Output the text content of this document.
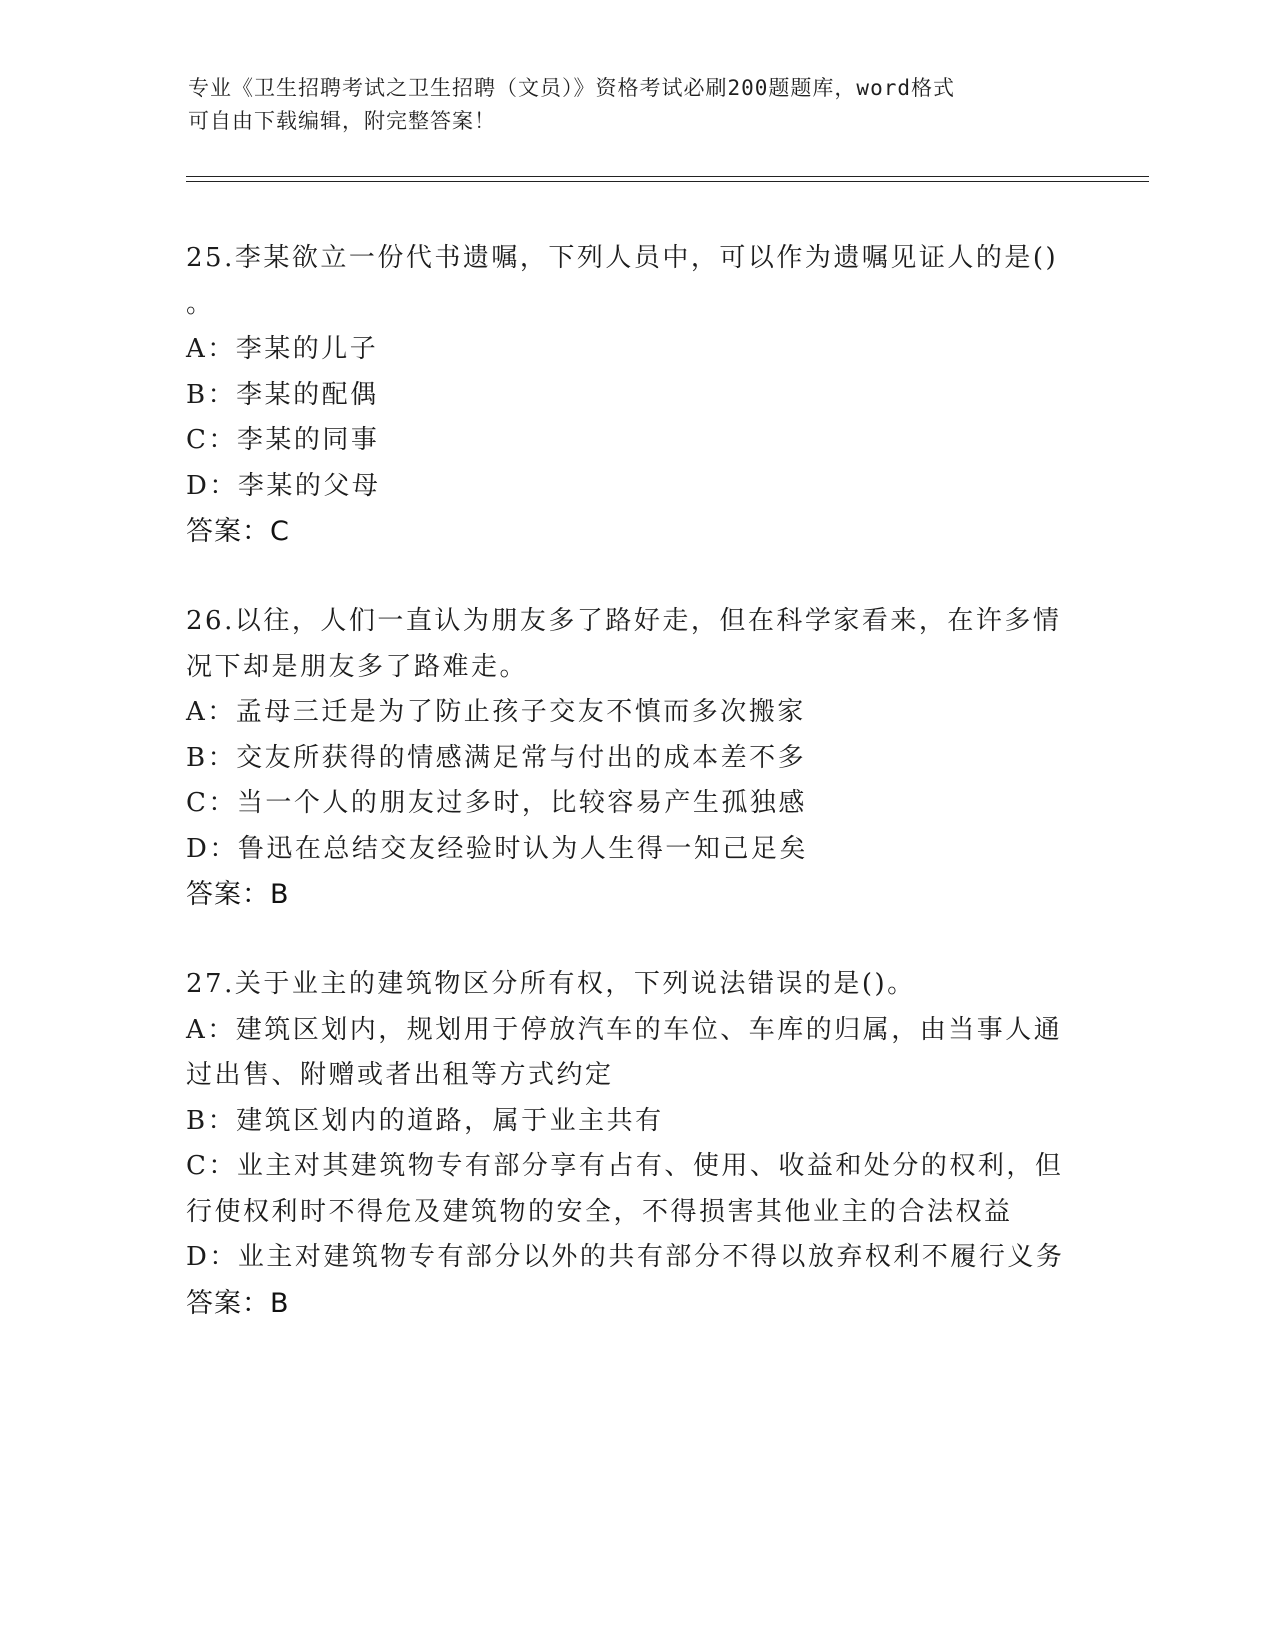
专业《卫生招聘考试之卫生招聘（文员）》资格考试必刷200题题库，word格式
可自由下载编辑，附完整答案！
25.李某欲立一份代书遗嘱，下列人员中，可以作为遗嘱见证人的是()
。
A：李某的儿子
B：李某的配偶
C：李某的同事
D：李某的父母
答案：C
26.以往，人们一直认为朋友多了路好走，但在科学家看来，在许多情
况下却是朋友多了路难走。
A：孟母三迁是为了防止孩子交友不慎而多次搬家
B：交友所获得的情感满足常与付出的成本差不多
C：当一个人的朋友过多时，比较容易产生孤独感
D：鲁迅在总结交友经验时认为人生得一知己足矣
答案：B
27.关于业主的建筑物区分所有权，下列说法错误的是()。
A：建筑区划内，规划用于停放汽车的车位、车库的归属，由当事人通
过出售、附赠或者出租等方式约定
B：建筑区划内的道路，属于业主共有
C：业主对其建筑物专有部分享有占有、使用、收益和处分的权利，但
行使权利时不得危及建筑物的安全，不得损害其他业主的合法权益
D：业主对建筑物专有部分以外的共有部分不得以放弃权利不履行义务
答案：B
